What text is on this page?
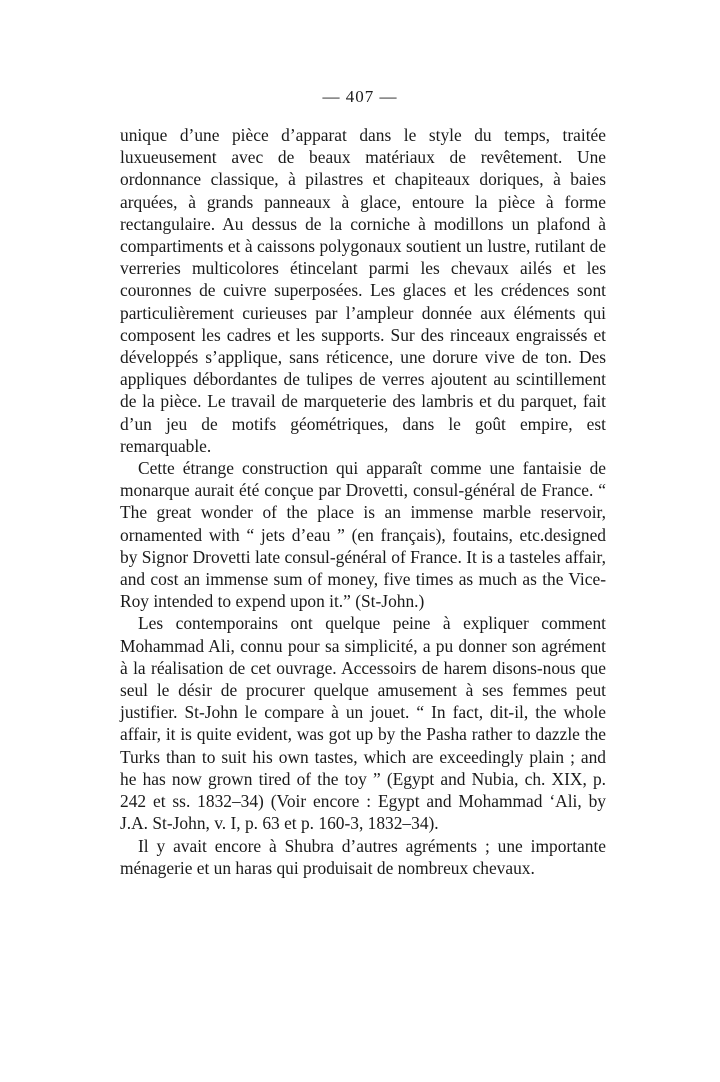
— 407 —

unique d’une pièce d’apparat dans le style du temps, traitée luxueusement avec de beaux matériaux de revêtement. Une ordonnance classique, à pilastres et chapiteaux doriques, à baies arquées, à grands panneaux à glace, entoure la pièce à forme rectangulaire. Au dessus de la corniche à modillons un plafond à compartiments et à caissons polygonaux soutient un lustre, rutilant de verreries multicolores étincelant parmi les chevaux ailés et les couronnes de cuivre superposées. Les glaces et les crédences sont particulièrement curieuses par l’ampleur donnée aux éléments qui composent les cadres et les supports. Sur des rinceaux engraissés et développés s’applique, sans réticence, une dorure vive de ton. Des appliques débordantes de tulipes de verres ajoutent au scintillement de la pièce. Le travail de marqueterie des lambris et du parquet, fait d’un jeu de motifs géométriques, dans le goût empire, est remarquable.

Cette étrange construction qui apparaît comme une fantaisie de monarque aurait été conçue par Drovetti, consul-général de France. “ The great wonder of the place is an immense marble reservoir, ornamented with “ jets d’eau ” (en français), foutains, etc.designed by Signor Drovetti late consul-général of France. It is a tasteles affair, and cost an immense sum of money, five times as much as the Vice-Roy intended to expend upon it.” (St-John.)

Les contemporains ont quelque peine à expliquer comment Mohammad Ali, connu pour sa simplicité, a pu donner son agrément à la réalisation de cet ouvrage. Accessoirs de harem disons-nous que seul le désir de procurer quelque amusement à ses femmes peut justifier. St-John le compare à un jouet. “ In fact, dit-il, the whole affair, it is quite evident, was got up by the Pasha rather to dazzle the Turks than to suit his own tastes, which are exceedingly plain ; and he has now grown tired of the toy ” (Egypt and Nubia, ch. XIX, p. 242 et ss. 1832–34) (Voir encore : Egypt and Mohammad ‘Ali, by J.A. St-John, v. I, p. 63 et p. 160-3, 1832–34).

Il y avait encore à Shubra d’autres agréments ; une importante ménagerie et un haras qui produisait de nombreux chevaux.
